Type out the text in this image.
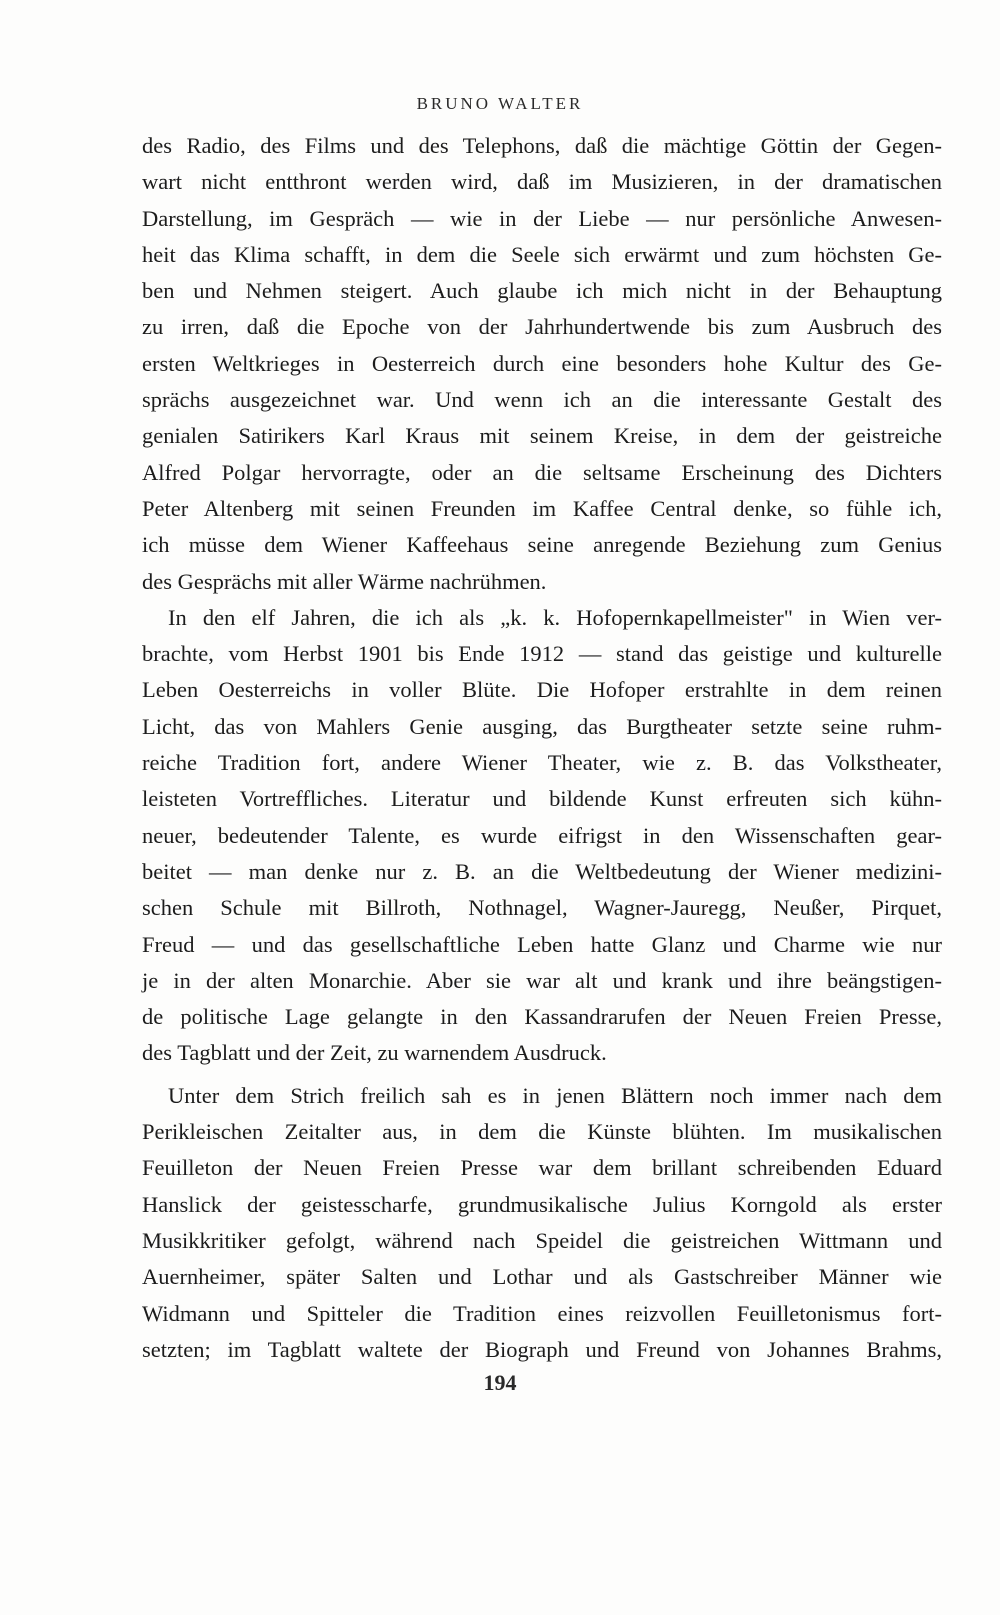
BRUNO WALTER
des Radio, des Films und des Telephons, daß die mächtige Göttin der Gegen-
wart nicht entthront werden wird, daß im Musizieren, in der dramatischen
Darstellung, im Gespräch — wie in der Liebe — nur persönliche Anwesen-
heit das Klima schafft, in dem die Seele sich erwärmt und zum höchsten Ge-
ben und Nehmen steigert. Auch glaube ich mich nicht in der Behauptung
zu irren, daß die Epoche von der Jahrhundertwende bis zum Ausbruch des
ersten Weltkrieges in Oesterreich durch eine besonders hohe Kultur des Ge-
sprächs ausgezeichnet war. Und wenn ich an die interessante Gestalt des
genialen Satirikers Karl Kraus mit seinem Kreise, in dem der geistreiche
Alfred Polgar hervorragte, oder an die seltsame Erscheinung des Dichters
Peter Altenberg mit seinen Freunden im Kaffee Central denke, so fühle ich,
ich müsse dem Wiener Kaffeehaus seine anregende Beziehung zum Genius
des Gesprächs mit aller Wärme nachrühmen.
In den elf Jahren, die ich als „k. k. Hofopernkapellmeister" in Wien ver-
brachte, vom Herbst 1901 bis Ende 1912 — stand das geistige und kulturelle
Leben Oesterreichs in voller Blüte. Die Hofoper erstrahlte in dem reinen
Licht, das von Mahlers Genie ausging, das Burgtheater setzte seine ruhm-
reiche Tradition fort, andere Wiener Theater, wie z. B. das Volkstheater,
leisteten Vortreffliches. Literatur und bildende Kunst erfreuten sich kühn-
neuer, bedeutender Talente, es wurde eifrigst in den Wissenschaften gear-
beitet — man denke nur z. B. an die Weltbedeutung der Wiener medizini-
schen Schule mit Billroth, Nothnagel, Wagner-Jauregg, Neußer, Pirquet,
Freud — und das gesellschaftliche Leben hatte Glanz und Charme wie nur
je in der alten Monarchie. Aber sie war alt und krank und ihre beängstigen-
de politische Lage gelangte in den Kassandrarufen der Neuen Freien Presse,
des Tagblatt und der Zeit, zu warnendem Ausdruck.
Unter dem Strich freilich sah es in jenen Blättern noch immer nach dem
Perikleischen Zeitalter aus, in dem die Künste blühten. Im musikalischen
Feuilleton der Neuen Freien Presse war dem brillant schreibenden Eduard
Hanslick der geistesscharfe, grundmusikalische Julius Korngold als erster
Musikkritiker gefolgt, während nach Speidel die geistreichen Wittmann und
Auernheimer, später Salten und Lothar und als Gastschreiber Männer wie
Widmann und Spitteler die Tradition eines reizvollen Feuilletonismus fort-
setzten; im Tagblatt waltete der Biograph und Freund von Johannes Brahms,
194
